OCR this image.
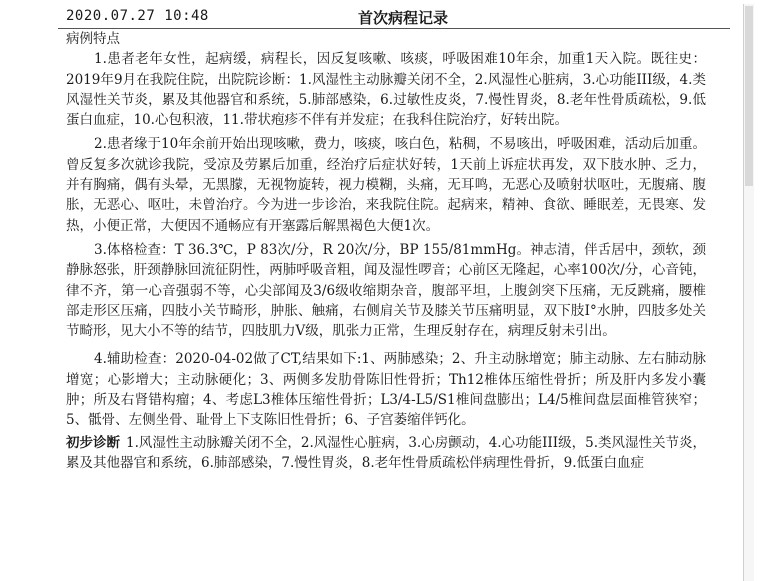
2020.07.27 10:48	首次病程记录

病例特点

1.患者老年女性，起病缓，病程长，因反复咳嗽、咳痰，呼吸困难10年余，加重1天入院。既往史：2019年9月在我院住院，出院院诊断：1.风湿性主动脉瓣关闭不全，2.风湿性心脏病，3.心功能III级，4.类风湿性关节炎，累及其他器官和系统，5.肺部感染，6.过敏性皮炎，7.慢性胃炎，8.老年性骨质疏松，9.低蛋白血症，10.心包积液，11.带状疱疹不伴有并发症；在我科住院治疗，好转出院。

2.患者缘于10年余前开始出现咳嗽，费力，咳痰，咳白色，粘稠，不易咳出，呼吸困难，活动后加重。曾反复多次就诊我院，受凉及劳累后加重，经治疗后症状好转，1天前上诉症状再发，双下肢水肿、乏力，并有胸痛，偶有头晕，无黑朦，无视物旋转，视力模糊，头痛，无耳鸣，无恶心及喷射状呕吐，无腹痛、腹胀，无恶心、呕吐，未曾治疗。今为进一步诊治，来我院住院。起病来，精神、食欲、睡眠差，无畏寒、发热，小便正常，大便因不通畅应有开塞露后解黑褐色大便1次。

3.体格检查：T 36.3℃，P 83次/分，R 20次/分，BP 155/81mmHg。神志清，伴舌居中，颈软，颈静脉怒张，肝颈静脉回流征阴性，两肺呼吸音粗，闻及湿性啰音；心前区无隆起，心率100次/分，心音钝，律不齐，第一心音强弱不等，心尖部闻及3/6级收缩期杂音，腹部平坦，上腹剑突下压痛，无反跳痛，腰椎部走形区压痛，四肢小关节畸形，肿胀、触痛，右侧肩关节及膝关节压痛明显，双下肢Ⅰ°水肿，四肢多处关节畸形，见大小不等的结节，四肢肌力V级，肌张力正常，生理反射存在，病理反射未引出。

4.辅助检查：2020-04-02做了CT,结果如下:1、两肺感染；2、升主动脉增宽；肺主动脉、左右肺动脉增宽；心影增大；主动脉硬化；3、两侧多发肋骨陈旧性骨折；Th12椎体压缩性骨折；所及肝内多发小囊肿；所及右肾错构瘤；4、考虑L3椎体压缩性骨折；L3/4-L5/S1椎间盘膨出；L4/5椎间盘层面椎管狭窄；5、骶骨、左侧坐骨、耻骨上下支陈旧性骨折；6、子宫萎缩伴钙化。

初步诊断 1.风湿性主动脉瓣关闭不全，2.风湿性心脏病，3.心房颤动，4.心功能III级，5.类风湿性关节炎，累及其他器官和系统，6.肺部感染，7.慢性胃炎，8.老年性骨质疏松伴病理性骨折，9.低蛋白血症
